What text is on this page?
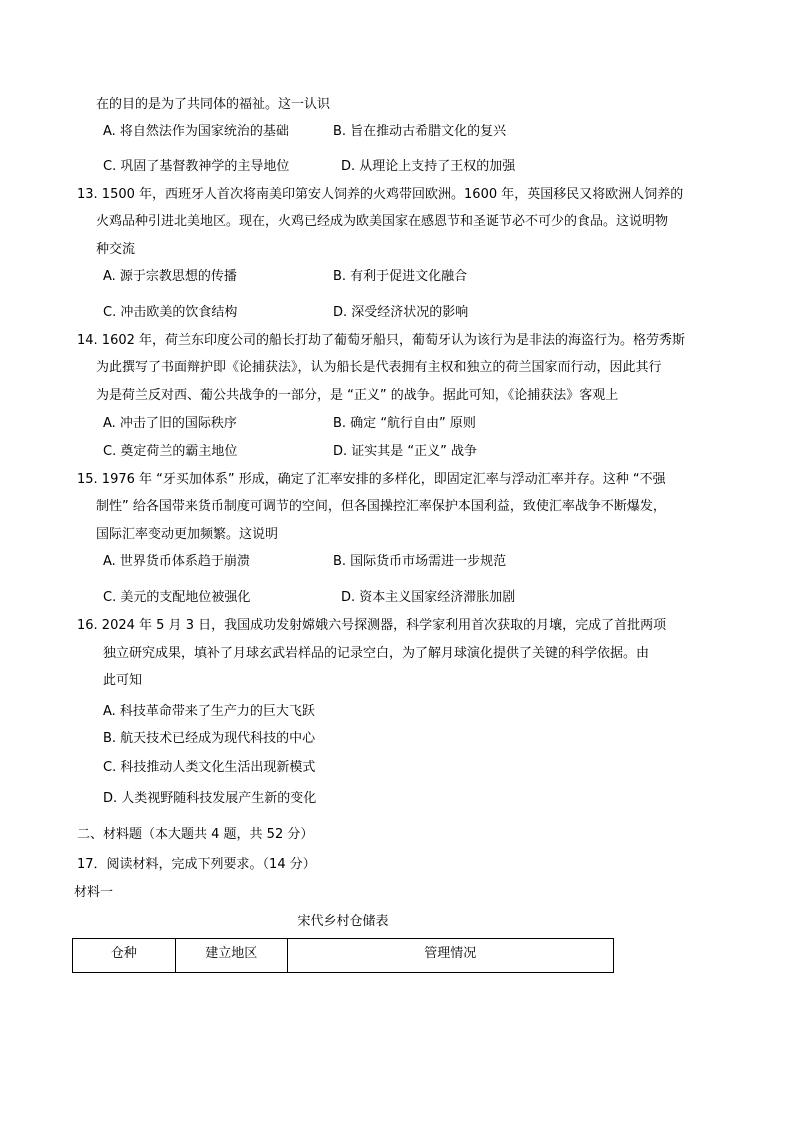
在的目的是为了共同体的福祉。这一认识
A. 将自然法作为国家统治的基础	B. 旨在推动古希腊文化的复兴
C. 巩固了基督教神学的主导地位	D. 从理论上支持了王权的加强
13. 1500 年，西班牙人首次将南美印第安人饲养的火鸡带回欧洲。1600 年，英国移民又将欧洲人饲养的
火鸡品种引进北美地区。现在，火鸡已经成为欧美国家在感恩节和圣诞节必不可少的食品。这说明物
种交流
A. 源于宗教思想的传播	B. 有利于促进文化融合
C. 冲击欧美的饮食结构	D. 深受经济状况的影响
14. 1602 年，荷兰东印度公司的船长打劫了葡萄牙船只，葡萄牙认为该行为是非法的海盗行为。格劳秀斯
为此撰写了书面辩护即《论捕获法》，认为船长是代表拥有主权和独立的荷兰国家而行动，因此其行
为是荷兰反对西、葡公共战争的一部分，是 “正义” 的战争。据此可知，《论捕获法》客观上
A. 冲击了旧的国际秩序	B. 确定 “航行自由” 原则
C. 奠定荷兰的霸主地位	D. 证实其是 “正义” 战争
15. 1976 年 “牙买加体系” 形成，确定了汇率安排的多样化，即固定汇率与浮动汇率并存。这种 “不强
制性” 给各国带来货币制度可调节的空间，但各国操控汇率保护本国利益，致使汇率战争不断爆发，
国际汇率变动更加频繁。这说明
A. 世界货币体系趋于崩溃	B. 国际货币市场需进一步规范
C. 美元的支配地位被强化	D. 资本主义国家经济滞胀加剧
16. 2024 年 5 月 3 日，我国成功发射嫦娥六号探测器，科学家利用首次获取的月壤，完成了首批两项
独立研究成果，填补了月球玄武岩样品的记录空白，为了解月球演化提供了关键的科学依据。由
此可知
A. 科技革命带来了生产力的巨大飞跃
B. 航天技术已经成为现代科技的中心
C. 科技推动人类文化生活出现新模式
D. 人类视野随科技发展产生新的变化
二、材料题（本大题共 4 题，共 52 分）
17．阅读材料，完成下列要求。（14 分）
材料一
宋代乡村仓储表
仓种	建立地区	管理情况
